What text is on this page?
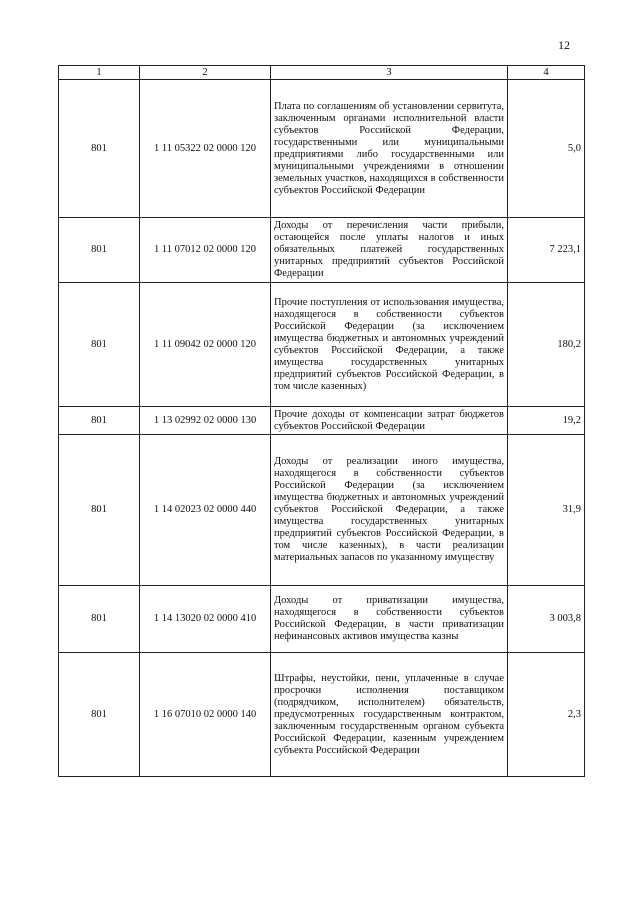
12
1	2	3	4
801	1 11 05322 02 0000 120	Плата по соглашениям об установлении сервитута, заключенным органами исполнительной власти субъектов Российской Федерации, государственными или муниципальными предприятиями либо государственными или муниципальными учреждениями в отношении земельных участков, находящихся в собственности субъектов Российской Федерации	5,0
801	1 11 07012 02 0000 120	Доходы от перечисления части прибыли, остающейся после уплаты налогов и иных обязательных платежей государственных унитарных предприятий субъектов Российской Федерации	7 223,1
801	1 11 09042 02 0000 120	Прочие поступления от использования имущества, находящегося в собственности субъектов Российской Федерации (за исключением имущества бюджетных и автономных учреждений субъектов Российской Федерации, а также имущества государственных унитарных предприятий субъектов Российской Федерации, в том числе казенных)	180,2
801	1 13 02992 02 0000 130	Прочие доходы от компенсации затрат бюджетов субъектов Российской Федерации	19,2
801	1 14 02023 02 0000 440	Доходы от реализации иного имущества, находящегося в собственности субъектов Российской Федерации (за исключением имущества бюджетных и автономных учреждений субъектов Российской Федерации, а также имущества государственных унитарных предприятий субъектов Российской Федерации, в том числе казенных), в части реализации материальных запасов по указанному имуществу	31,9
801	1 14 13020 02 0000 410	Доходы от приватизации имущества, находящегося в собственности субъектов Российской Федерации, в части приватизации нефинансовых активов имущества казны	3 003,8
801	1 16 07010 02 0000 140	Штрафы, неустойки, пени, уплаченные в случае просрочки исполнения поставщиком (подрядчиком, исполнителем) обязательств, предусмотренных государственным контрактом, заключенным государственным органом субъекта Российской Федерации, казенным учреждением субъекта Российской Федерации	2,3
